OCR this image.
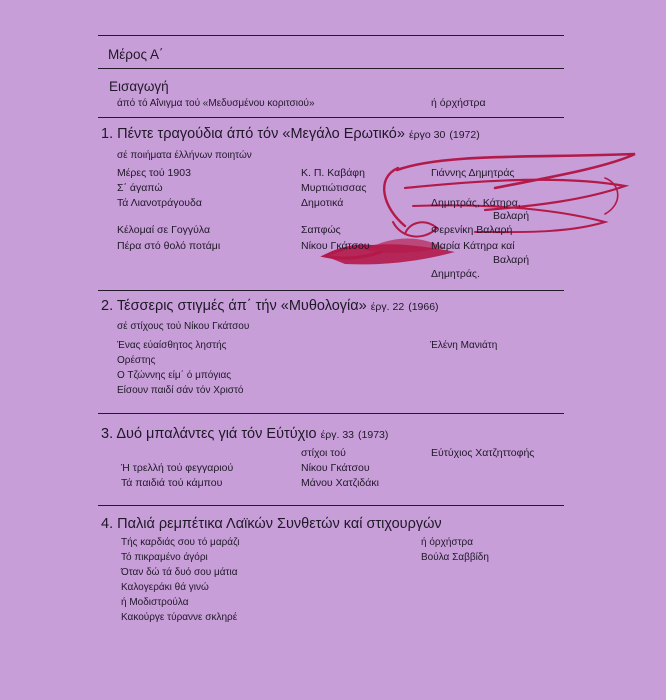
Μέρος Α΄
Εισαγωγή
άπό τό Αΐνιγμα τού «Μεδυσμένου κοριτσιού»	ή όρχήστρα
1. Πέντε τραγούδια άπό τόν «Μεγάλο Ερωτικό» έργο 30 (1972)
σέ ποιήματα έλλήνων ποιητών
Μέρες τού 1903
Σ΄ άγαπώ
Τά Λιανοτράγουδα
Κέλομαί σε Γογγύλα
Πέρα στό θολό ποτάμι
Κ. Π. Καβάφη
Μυρτιώτισσας
Δημοτικά
Σαπφώς
Νίκου Γκάτσου
Γιάννης Δημητράς
Δημητράς, Κάτηρα,
Βαλαρή
Φερενίκη Βαλαρή
Μαρία Κάτηρα καί
Βαλαρή
Δημητράς.
2. Τέσσερις στιγμές άπ΄ τήν «Μυθολογία» έργ. 22 (1966)
σέ στίχους τού Νίκου Γκάτσου
Ένας εύαίσθητος ληστής
Ορέστης
Ο Τζώννης είμ΄ ό μπόγιας
Είσουν παιδί σάν τόν Χριστό
Έλένη Μανιάτη
3. Δυό μπαλάντες γιά τόν Εύτύχιο έργ. 33 (1973)
στίχοι τού	Εύτύχιος Χατζηττοφής
Ή τρελλή τού φεγγαριού
Τά παιδιά τού κάμπου
Νίκου Γκάτσου
Μάνου Χατζιδάκι
4. Παλιά ρεμπέτικα Λαϊκών Συνθετών καί στιχουργών
Τής καρδιάς σου τό μαράζι
Τό πικραμένο άγόρι
Όταν δώ τά δυό σου μάτια
Καλογεράκι θά γινώ
ή Μοδιστρούλα
Κακούργε τύραννε σκληρέ
ή όρχήστρα
Βούλα Σαββίδη
